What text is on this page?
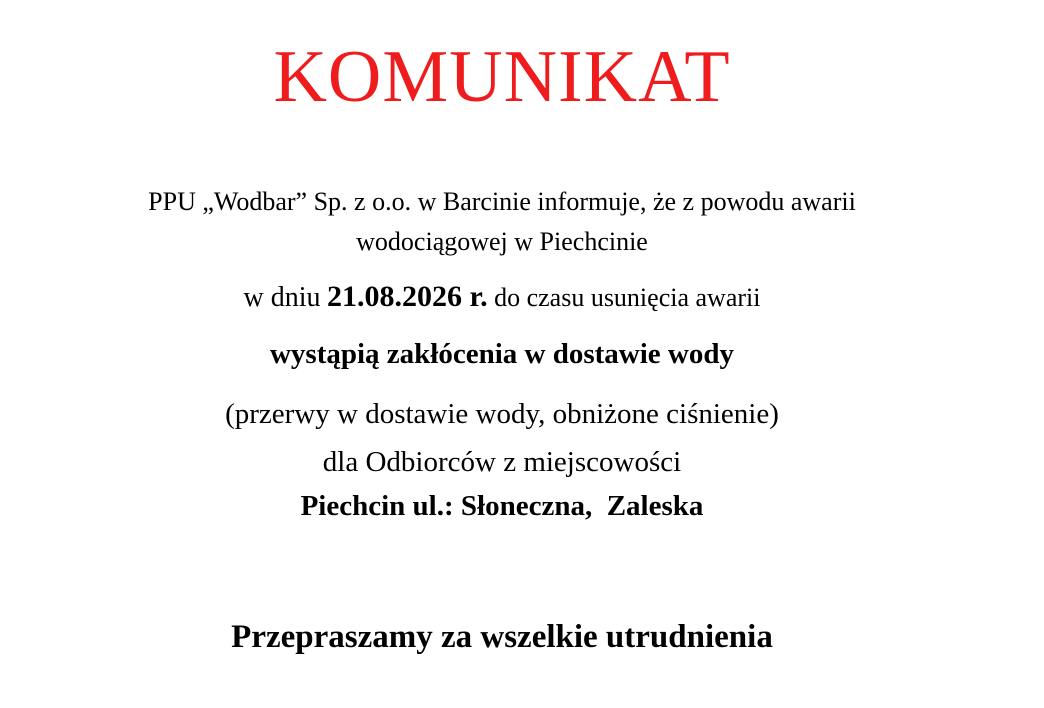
KOMUNIKAT
PPU „Wodbar” Sp. z o.o. w Barcinie informuje, że z powodu awarii
wodociągowej w Piechcinie
w dniu 21.08.2026 r. do czasu usunięcia awarii
wystąpią zakłócenia w dostawie wody
(przerwy w dostawie wody, obniżone ciśnienie)
dla Odbiorców z miejscowości
Piechcin ul.: Słoneczna,  Zaleska
Przepraszamy za wszelkie utrudnienia
